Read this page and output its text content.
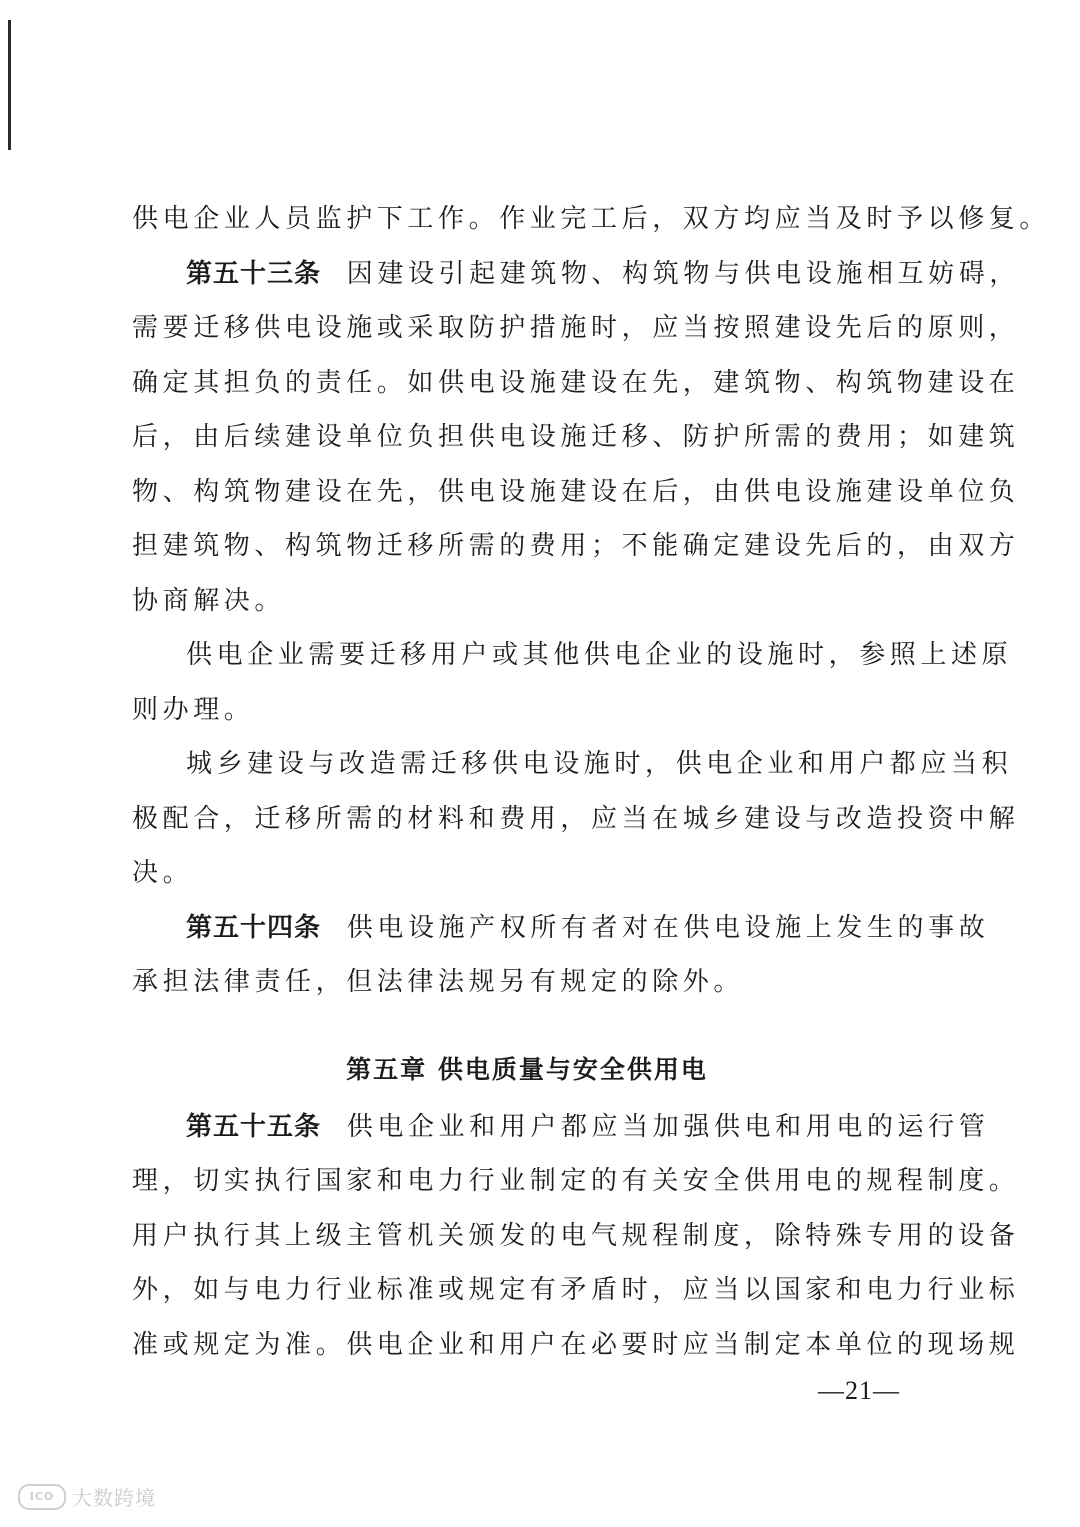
供电企业人员监护下工作。作业完工后，双方均应当及时予以修复。
第五十三条 因建设引起建筑物、构筑物与供电设施相互妨碍，
需要迁移供电设施或采取防护措施时，应当按照建设先后的原则，
确定其担负的责任。如供电设施建设在先，建筑物、构筑物建设在
后，由后续建设单位负担供电设施迁移、防护所需的费用；如建筑
物、构筑物建设在先，供电设施建设在后，由供电设施建设单位负
担建筑物、构筑物迁移所需的费用；不能确定建设先后的，由双方
协商解决。
供电企业需要迁移用户或其他供电企业的设施时，参照上述原
则办理。
城乡建设与改造需迁移供电设施时，供电企业和用户都应当积
极配合，迁移所需的材料和费用，应当在城乡建设与改造投资中解
决。
第五十四条 供电设施产权所有者对在供电设施上发生的事故
承担法律责任，但法律法规另有规定的除外。
第五章 供电质量与安全供用电
第五十五条 供电企业和用户都应当加强供电和用电的运行管
理，切实执行国家和电力行业制定的有关安全供用电的规程制度。
用户执行其上级主管机关颁发的电气规程制度，除特殊专用的设备
外，如与电力行业标准或规定有矛盾时，应当以国家和电力行业标
准或规定为准。供电企业和用户在必要时应当制定本单位的现场规
—21—
ICO 大数跨境
